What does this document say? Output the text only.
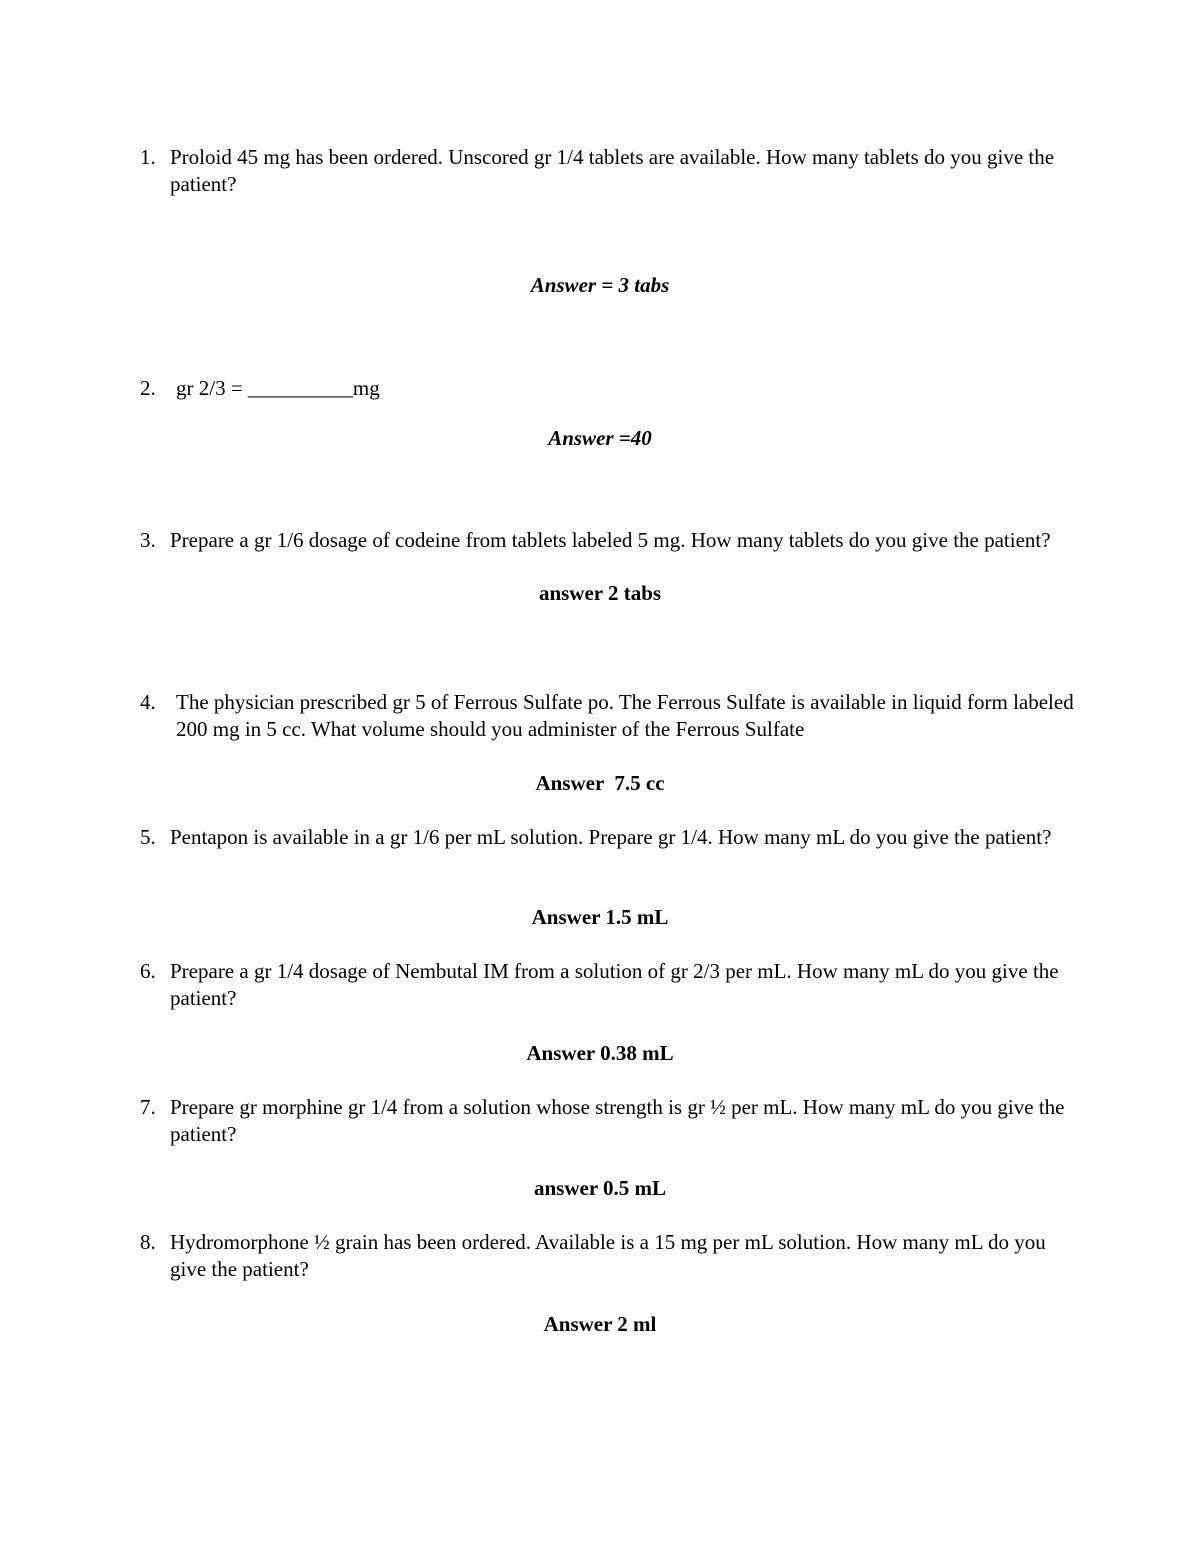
1. Proloid 45 mg has been ordered. Unscored gr 1/4 tablets are available. How many tablets do you give the patient?
Answer = 3 tabs
2. gr 2/3 = __________mg
Answer =40
3. Prepare a gr 1/6 dosage of codeine from tablets labeled 5 mg. How many tablets do you give the patient?
answer 2 tabs
4. The physician prescribed gr 5 of Ferrous Sulfate po. The Ferrous Sulfate is available in liquid form labeled 200 mg in 5 cc. What volume should you administer of the Ferrous Sulfate
Answer  7.5 cc
5. Pentapon is available in a gr 1/6 per mL solution. Prepare gr 1/4. How many mL do you give the patient?
Answer 1.5 mL
6. Prepare a gr 1/4 dosage of Nembutal IM from a solution of gr 2/3 per mL. How many mL do you give the patient?
Answer 0.38 mL
7. Prepare gr morphine gr 1/4 from a solution whose strength is gr ½ per mL. How many mL do you give the patient?
answer 0.5 mL
8. Hydromorphone ½ grain has been ordered. Available is a 15 mg per mL solution. How many mL do you give the patient?
Answer 2 ml
